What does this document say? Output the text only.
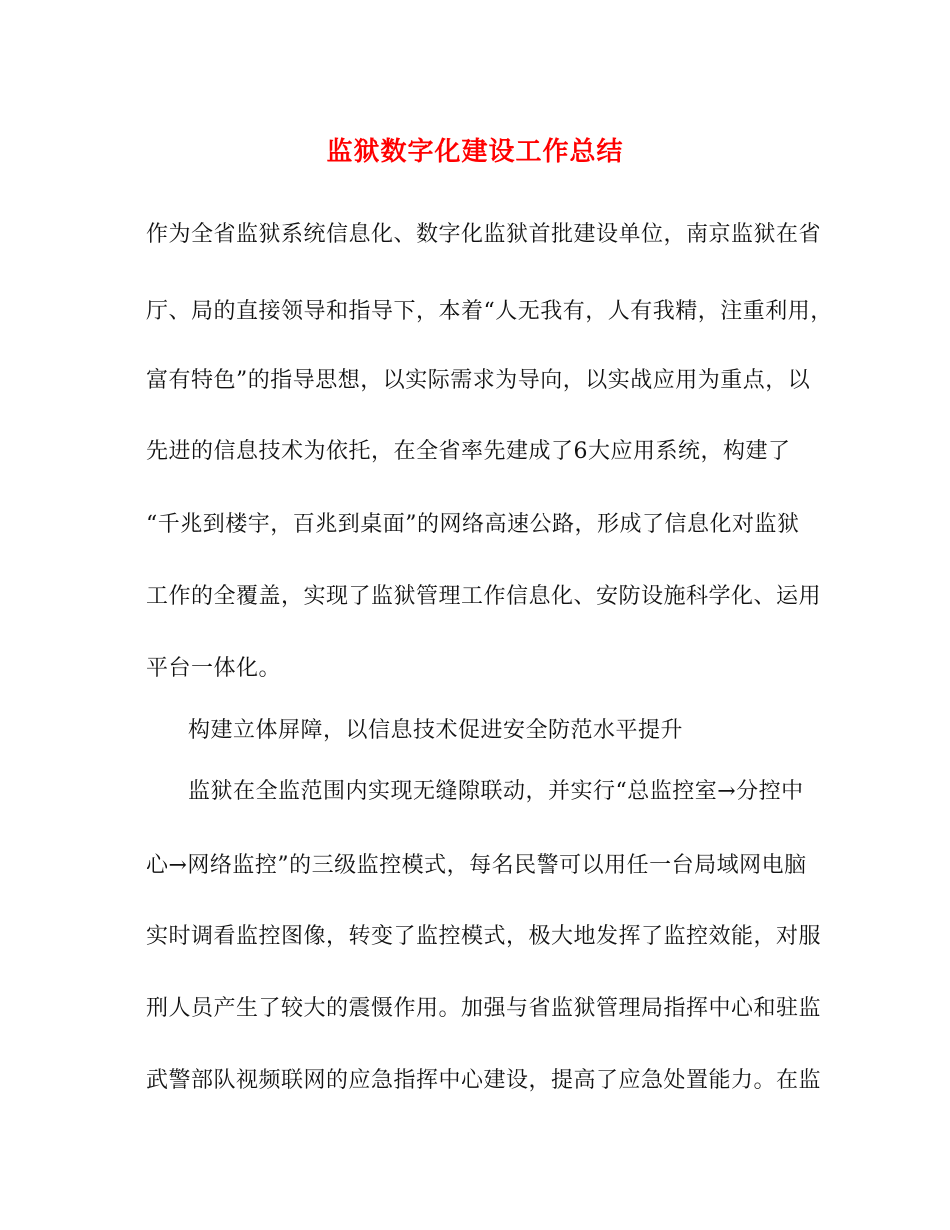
监狱数字化建设工作总结
作为全省监狱系统信息化、数字化监狱首批建设单位，南京监狱在省
厅、局的直接领导和指导下，本着“人无我有，人有我精，注重利用，
富有特色”的指导思想，以实际需求为导向，以实战应用为重点，以
先进的信息技术为依托，在全省率先建成了6大应用系统，构建了
“千兆到楼宇，百兆到桌面”的网络高速公路，形成了信息化对监狱
工作的全覆盖，实现了监狱管理工作信息化、安防设施科学化、运用
平台一体化。
构建立体屏障，以信息技术促进安全防范水平提升
监狱在全监范围内实现无缝隙联动，并实行“总监控室→分控中
心→网络监控”的三级监控模式，每名民警可以用任一台局域网电脑
实时调看监控图像，转变了监控模式，极大地发挥了监控效能，对服
刑人员产生了较大的震慑作用。加强与省监狱管理局指挥中心和驻监
武警部队视频联网的应急指挥中心建设，提高了应急处置能力。在监
